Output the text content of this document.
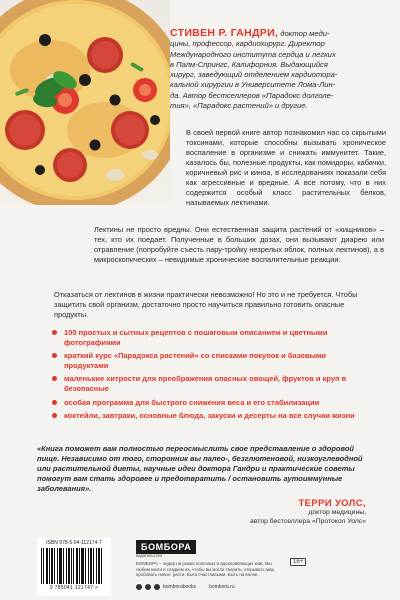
СТИВЕН Р. ГАНДРИ, доктор меди-
цины, профессор, кардиохирург. Директор
Международного института сердца и легких
в Палм-Спрингс, Калифорния. Выдающийся
хирург, заведующий отделением кардиотора-
кальной хирургии в Университете Лома-Лин-
да. Автор бестселлеров «Парадокс долголе-
тия», «Парадокс растений» и другие.
В своей первой книге автор познакомил нас со скрытыми токсинами, которые способны вызывать хроническое воспаление в организме и снижать иммунитет. Такие, казалось бы, полезные продукты, как помидоры, кабачки, коричневый рис и киноа, в исследованиях показали себя как агрессивные и вредные. А все потому, что в них содержится особый класс растительных белков, называемых лектинами.
Лектины не просто вредны. Они естественная защита растений от «хищников» – тех, кто их поедает. Полученные в больших дозах, они вызывают диарею или отравление (попробуйте съесть пару-тройку незрелых яблок, полных лектинов), а в микроскопических – невидимые хронические воспалительные реакции.
Отказаться от лектинов в жизни практически невозможно! Но это и не требуется. Чтобы защитить свой организм, достаточно просто научиться правильно готовить опасные продукты.
100 простых и сытных рецептов с пошаговым описанием и цветными фотографиями
краткий курс «Парадокса растений» со списками покупок и базовыми продуктами
маленькие хитрости для преображения опасных овощей, фруктов и круп в безопасные
особая программа для быстрого снижения веса и его стабилизации
коктейли, завтраки, основные блюда, закуски и десерты на все случаи жизни
«Книга поможет вам полностью переосмыслить свое представление о здоровой пище. Независимо от того, сторонник вы палео-, безглютеновой, низкоуглеводной или растительной диеты, научные идеи доктора Гандри и практические советы помогут вам стать здоровее и предотвратить / остановить аутоиммунные заболевания».
ТЕРРИ УОЛС,
доктор медицины,
автор бестселлера «Протокол Уолс»
ISBN 978-5-04-112174-7
9 785041 121747 >
БОМБОРА
издательство
БОМБОРА – лидер на рынке полезных и вдохновляющих книг. Мы любим книги и создаем их, чтобы вы могли творить, открывать мир, пробовать новое, расти. Быть счастливыми. Быть на волне.
bomborabooks	bombora.ru
16+
